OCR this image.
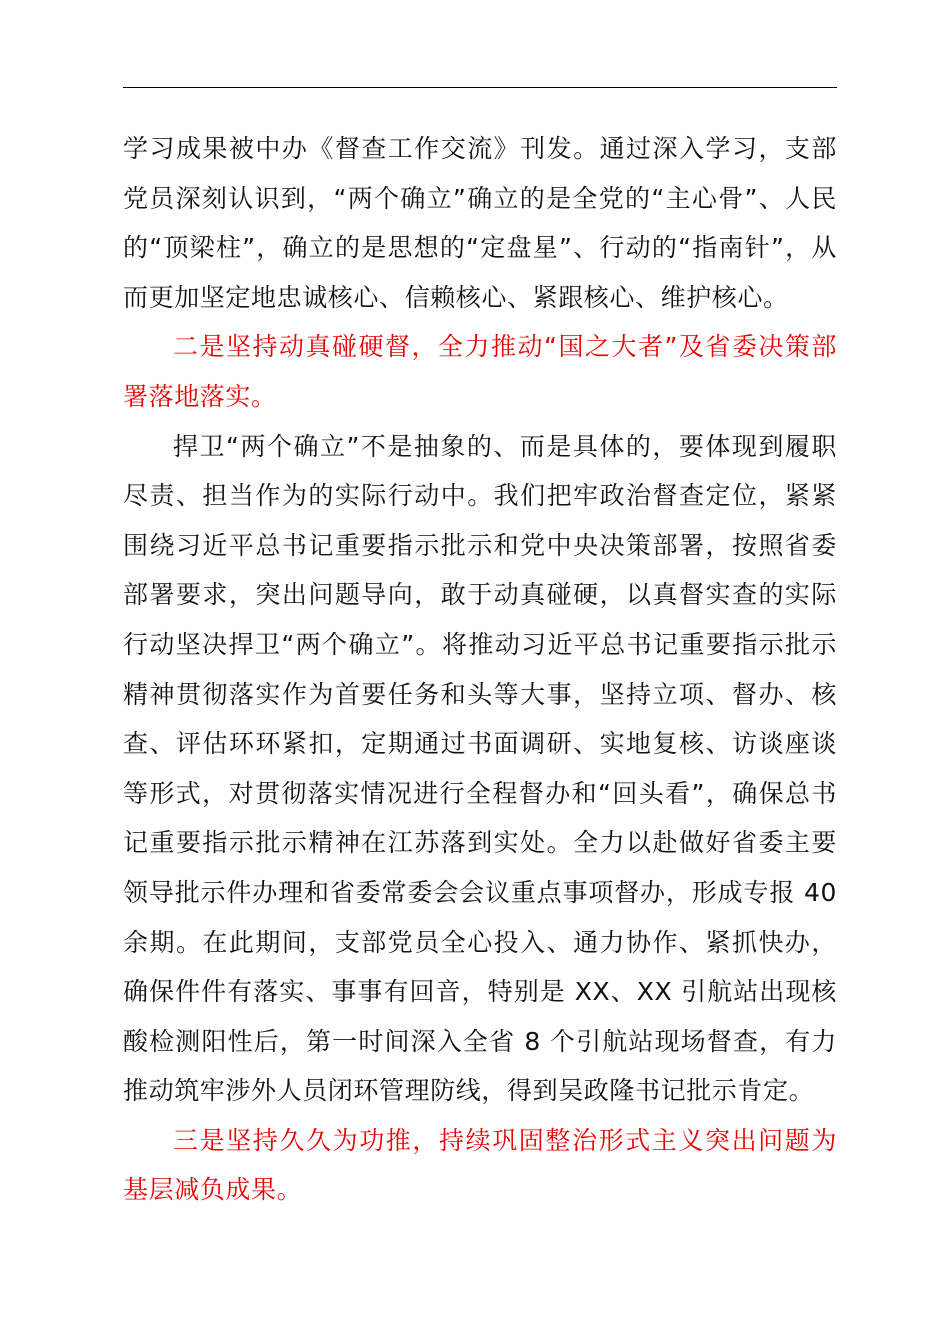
学习成果被中办《督查工作交流》刊发。通过深入学习，支部党员深刻认识到，“两个确立”确立的是全党的“主心骨”、人民的“顶梁柱”，确立的是思想的“定盘星”、行动的“指南针”，从而更加坚定地忠诚核心、信赖核心、紧跟核心、维护核心。

二是坚持动真碰硬督，全力推动“国之大者”及省委决策部署落地落实。

捍卫“两个确立”不是抽象的、而是具体的，要体现到履职尽责、担当作为的实际行动中。我们把牢政治督查定位，紧紧围绕习近平总书记重要指示批示和党中央决策部署，按照省委部署要求，突出问题导向，敢于动真碰硬，以真督实查的实际行动坚决捍卫“两个确立”。将推动习近平总书记重要指示批示精神贯彻落实作为首要任务和头等大事，坚持立项、督办、核查、评估环环紧扣，定期通过书面调研、实地复核、访谈座谈等形式，对贯彻落实情况进行全程督办和“回头看”，确保总书记重要指示批示精神在江苏落到实处。全力以赴做好省委主要领导批示件办理和省委常委会会议重点事项督办，形成专报 40 余期。在此期间，支部党员全心投入、通力协作、紧抓快办，确保件件有落实、事事有回音，特别是 XX、XX 引航站出现核酸检测阳性后，第一时间深入全省 8 个引航站现场督查，有力推动筑牢涉外人员闭环管理防线，得到吴政隆书记批示肯定。

三是坚持久久为功推，持续巩固整治形式主义突出问题为基层减负成果。
